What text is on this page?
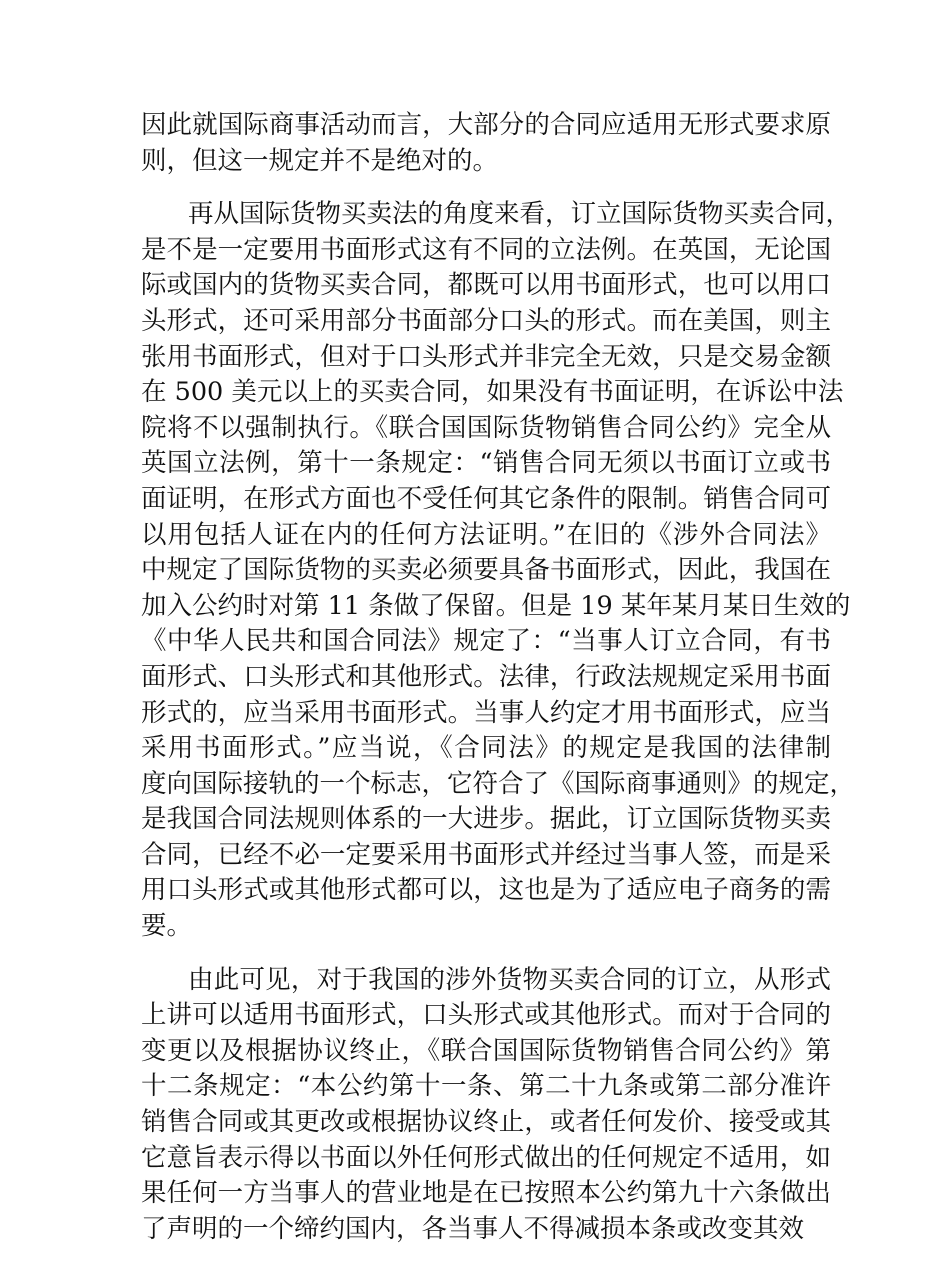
因此就国际商事活动而言，大部分的合同应适用无形式要求原
则，但这一规定并不是绝对的。

再从国际货物买卖法的角度来看，订立国际货物买卖合同，
是不是一定要用书面形式这有不同的立法例。在英国，无论国
际或国内的货物买卖合同，都既可以用书面形式，也可以用口
头形式，还可采用部分书面部分口头的形式。而在美国，则主
张用书面形式，但对于口头形式并非完全无效，只是交易金额
在 500 美元以上的买卖合同，如果没有书面证明，在诉讼中法
院将不以强制执行。《联合国国际货物销售合同公约》完全从
英国立法例，第十一条规定：“销售合同无须以书面订立或书
面证明，在形式方面也不受任何其它条件的限制。销售合同可
以用包括人证在内的任何方法证明。”在旧的《涉外合同法》
中规定了国际货物的买卖必须要具备书面形式，因此，我国在
加入公约时对第 11 条做了保留。但是 19 某年某月某日生效的
《中华人民共和国合同法》规定了：“当事人订立合同，有书
面形式、口头形式和其他形式。法律，行政法规规定采用书面
形式的，应当采用书面形式。当事人约定才用书面形式，应当
采用书面形式。”应当说，《合同法》的规定是我国的法律制
度向国际接轨的一个标志，它符合了《国际商事通则》的规定，
是我国合同法规则体系的一大进步。据此，订立国际货物买卖
合同，已经不必一定要采用书面形式并经过当事人签，而是采
用口头形式或其他形式都可以，这也是为了适应电子商务的需
要。

由此可见，对于我国的涉外货物买卖合同的订立，从形式
上讲可以适用书面形式，口头形式或其他形式。而对于合同的
变更以及根据协议终止，《联合国国际货物销售合同公约》第
十二条规定：“本公约第十一条、第二十九条或第二部分准许
销售合同或其更改或根据协议终止，或者任何发价、接受或其
它意旨表示得以书面以外任何形式做出的任何规定不适用，如
果任何一方当事人的营业地是在已按照本公约第九十六条做出
了声明的一个缔约国内，各当事人不得减损本条或改变其效
